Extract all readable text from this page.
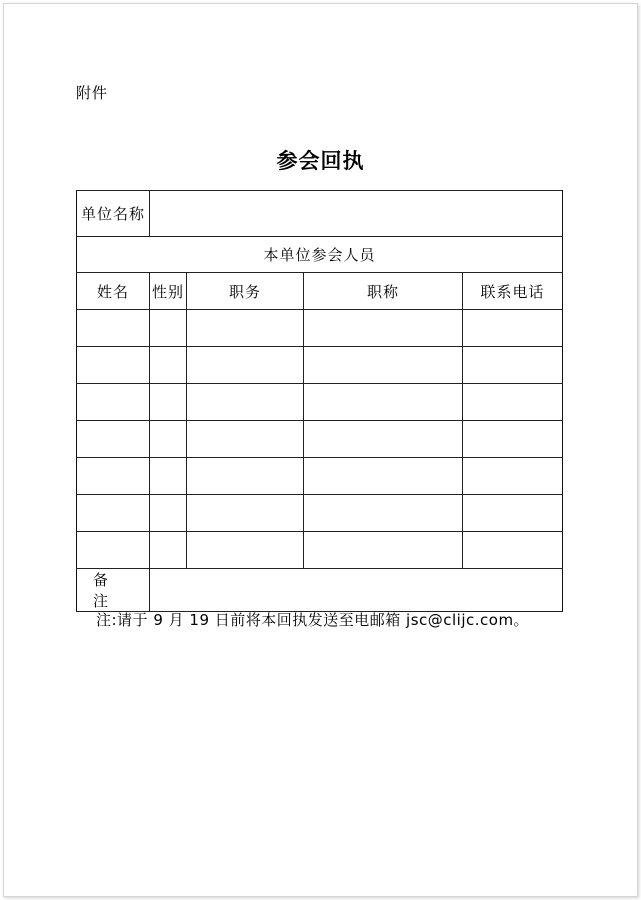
附件
参会回执
单位名称				
本单位参会人员				
姓名	性别	职务	职称	联系电话

备 注				
注:请于 9 月 19 日前将本回执发送至电邮箱 jsc@clijc.com。
